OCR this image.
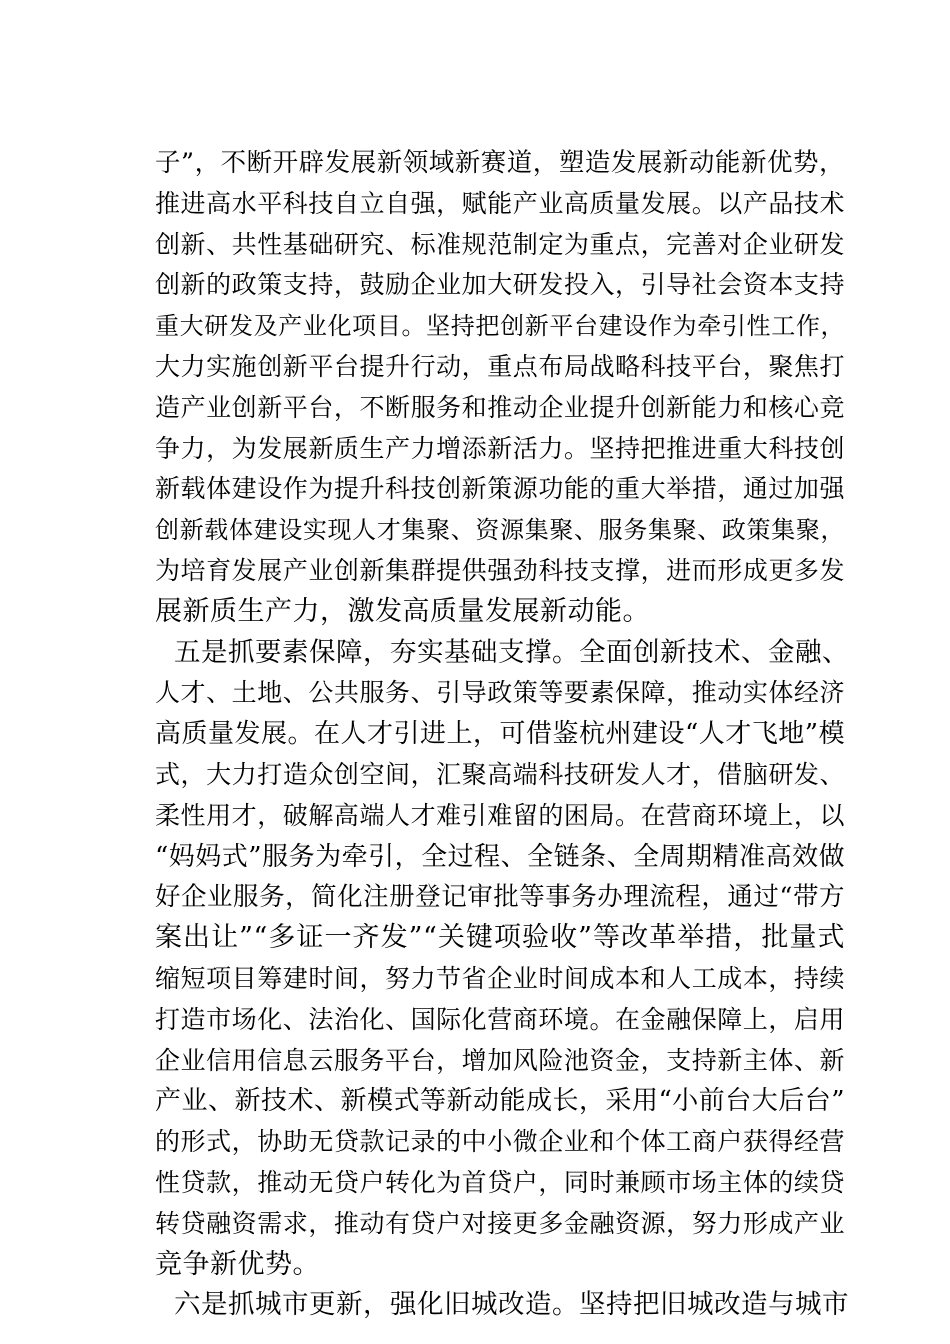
子”，不断开辟发展新领域新赛道，塑造发展新动能新优势，
推进高水平科技自立自强，赋能产业高质量发展。以产品技术
创新、共性基础研究、标准规范制定为重点，完善对企业研发
创新的政策支持，鼓励企业加大研发投入，引导社会资本支持
重大研发及产业化项目。坚持把创新平台建设作为牵引性工作，
大力实施创新平台提升行动，重点布局战略科技平台，聚焦打
造产业创新平台，不断服务和推动企业提升创新能力和核心竞
争力，为发展新质生产力增添新活力。坚持把推进重大科技创
新载体建设作为提升科技创新策源功能的重大举措，通过加强
创新载体建设实现人才集聚、资源集聚、服务集聚、政策集聚，
为培育发展产业创新集群提供强劲科技支撑，进而形成更多发
展新质生产力，激发高质量发展新动能。
五是抓要素保障，夯实基础支撑。全面创新技术、金融、
人才、土地、公共服务、引导政策等要素保障，推动实体经济
高质量发展。在人才引进上，可借鉴杭州建设“人才飞地”模
式，大力打造众创空间，汇聚高端科技研发人才，借脑研发、
柔性用才，破解高端人才难引难留的困局。在营商环境上，以
“妈妈式”服务为牵引，全过程、全链条、全周期精准高效做
好企业服务，简化注册登记审批等事务办理流程，通过“带方
案出让”“多证一齐发”“关键项验收”等改革举措，批量式
缩短项目筹建时间，努力节省企业时间成本和人工成本，持续
打造市场化、法治化、国际化营商环境。在金融保障上，启用
企业信用信息云服务平台，增加风险池资金，支持新主体、新
产业、新技术、新模式等新动能成长，采用“小前台大后台”
的形式，协助无贷款记录的中小微企业和个体工商户获得经营
性贷款，推动无贷户转化为首贷户，同时兼顾市场主体的续贷
转贷融资需求，推动有贷户对接更多金融资源，努力形成产业
竞争新优势。
六是抓城市更新，强化旧城改造。坚持把旧城改造与城市
